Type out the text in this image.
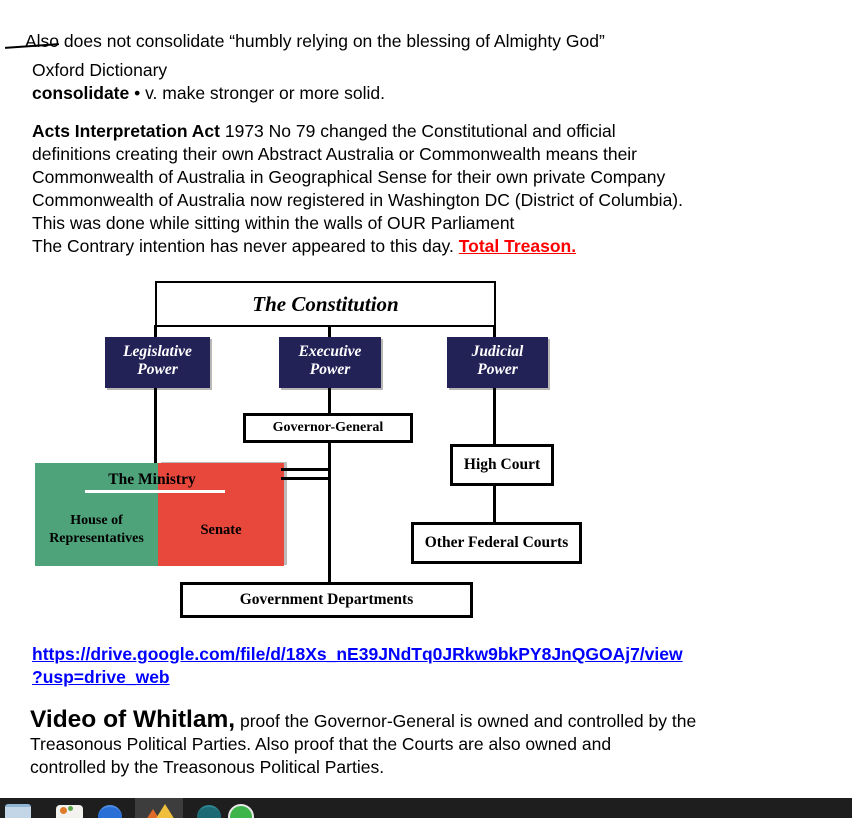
Also does not consolidate “humbly relying on the blessing of Almighty God”
Oxford Dictionary
consolidate • v. make stronger or more solid.
Acts Interpretation Act 1973 No 79 changed the Constitutional and official
definitions creating their own Abstract Australia or Commonwealth means their
Commonwealth of Australia in Geographical Sense for their own private Company
Commonwealth of Australia now registered in Washington DC (District of Columbia).
This was done while sitting within the walls of OUR Parliament
The Contrary intention has never appeared to this day. Total Treason.
The Constitution
Legislative
Power
Executive
Power
Judicial
Power
Governor-General
High Court
Other Federal Courts
The Ministry
House of
Representatives
Senate
Government Departments
https://drive.google.com/file/d/18Xs_nE39JNdTq0JRkw9bkPY8JnQGOAj7/view
?usp=drive_web
Video of Whitlam, proof the Governor-General is owned and controlled by the
Treasonous Political Parties. Also proof that the Courts are also owned and
controlled by the Treasonous Political Parties.
